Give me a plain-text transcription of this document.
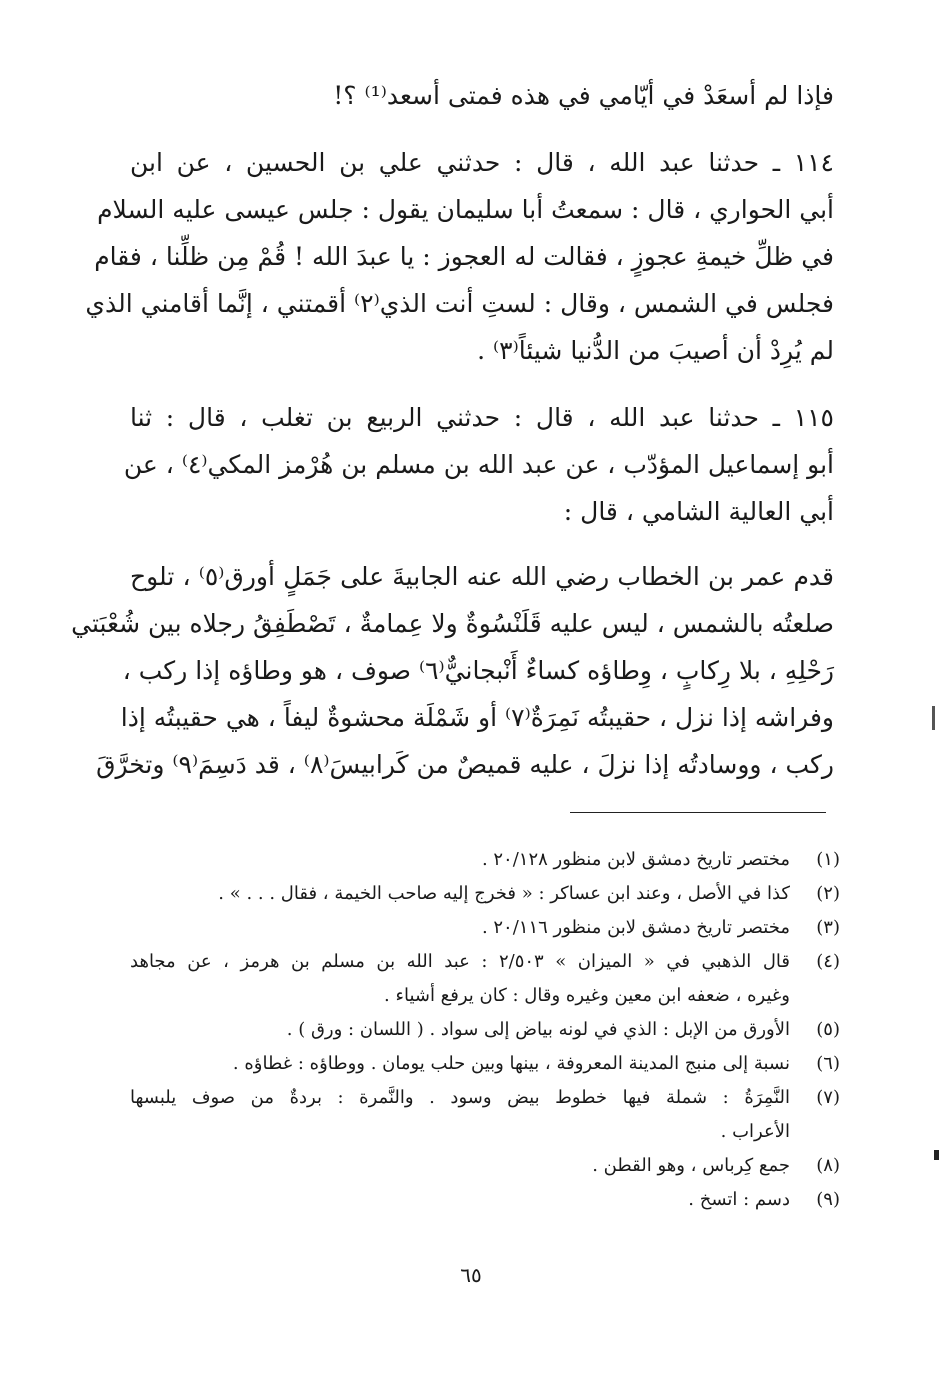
فإذا لم أسعَدْ في أيّامي في هذه فمتى أسعد⁽¹⁾ ؟!
١١٤ ـ حدثنا عبد الله ، قال : حدثني علي بن الحسين ، عن ابن
أبي الحواري ، قال : سمعتُ أبا سليمان يقول : جلس عيسى عليه السلام
في ظلِّ خيمةِ عجوزٍ ، فقالت له العجوز : يا عبدَ الله ! قُمْ مِن ظلِّنا ، فقام
فجلس في الشمس ، وقال : لستِ أنت الذي⁽٢⁾ أقمتني ، إنَّما أقامني الذي
لم يُرِدْ أن أصيبَ من الدُّنيا شيئاً⁽٣⁾ .
١١٥ ـ حدثنا عبد الله ، قال : حدثني الربيع بن تغلب ، قال : ثنا
أبو إسماعيل المؤدّب ، عن عبد الله بن مسلم بن هُرْمز المكي⁽٤⁾ ، عن
أبي العالية الشامي ، قال :
قدم عمر بن الخطاب رضي الله عنه الجابيةَ على جَمَلٍ أورق⁽٥⁾ ، تلوح
صلعتُه بالشمس ، ليس عليه قَلَنْسُوةٌ ولا عِمامةٌ ، تَصْطَفِقُ رجلاه بين شُعْبَتي
رَحْلِهِ ، بلا رِكابٍ ، وِطاؤه كساءٌ أَنْبجانيٌّ⁽٦⁾ صوف ، هو وطاؤه إذا ركب ،
وفراشه إذا نزل ، حقيبتُه نَمِرَةٌ⁽٧⁾ أو شَمْلَة محشوةٌ ليفاً ، هي حقيبتُه إذا
ركب ، ووسادتُه إذا نزلَ ، عليه قميصٌ من كَرابيسَ⁽٨⁾ ، قد دَسِمَ⁽٩⁾ وتخرَّقَ
(١)
مختصر تاريخ دمشق لابن منظور ٢٠/١٢٨ .
(٢)
كذا في الأصل ، وعند ابن عساكر : « فخرج إليه صاحب الخيمة ، فقال . . . » .
(٣)
مختصر تاريخ دمشق لابن منظور ٢٠/١١٦ .
(٤)
قال الذهبي في « الميزان » ٢/٥٠٣ : عبد الله بن مسلم بن هرمز ، عن مجاهد
وغيره ، ضعفه ابن معين وغيره وقال : كان يرفع أشياء .
(٥)
الأورق من الإبل : الذي في لونه بياض إلى سواد . ( اللسان : ورق ) .
(٦)
نسبة إلى منبج المدينة المعروفة ، بينها وبين حلب يومان . ووطاؤه : غطاؤه .
(٧)
النَّمِرَةُ : شملة فيها خطوط بيض وسود . والنَّمرة : بردةٌ من صوف يلبسها
الأعراب .
(٨)
جمع كِرباس ، وهو القطن .
(٩)
دسم : اتسخ .
٦٥
